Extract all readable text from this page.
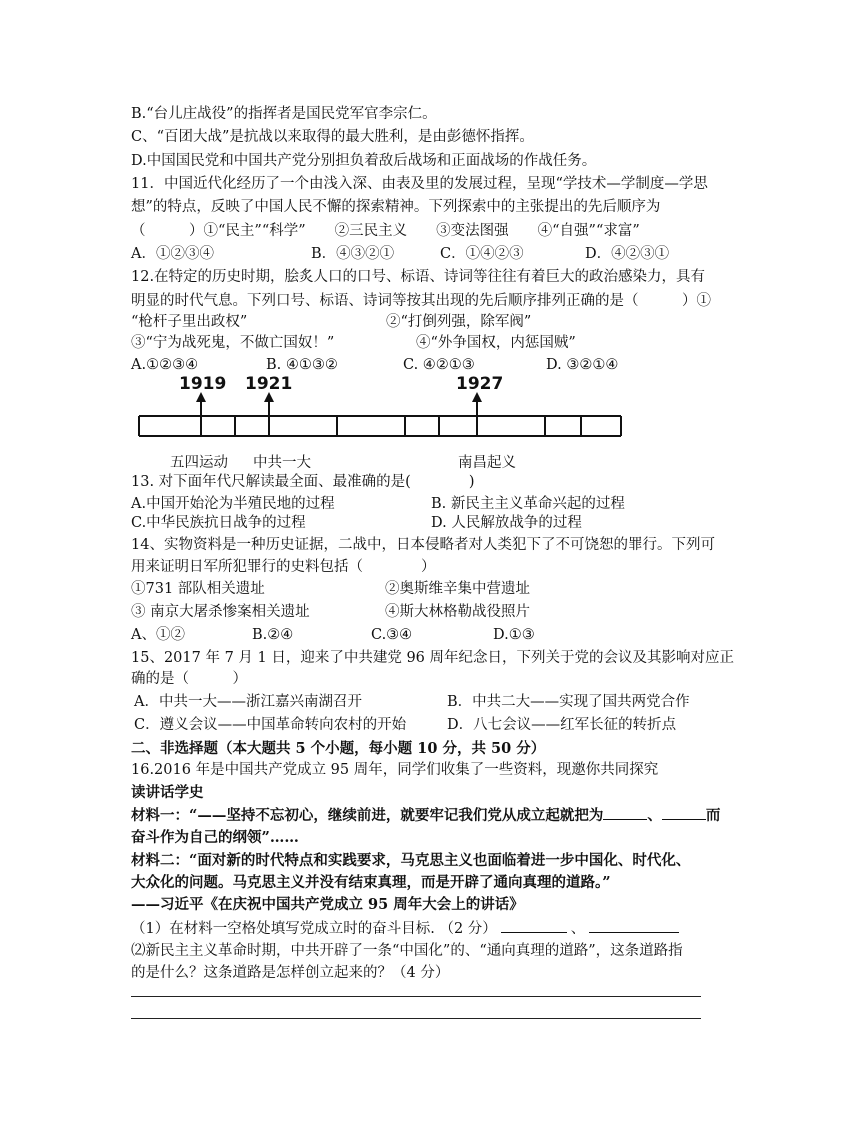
B.“台儿庄战役”的指挥者是国民党军官李宗仁。
C、“百团大战”是抗战以来取得的最大胜利，是由彭德怀指挥。
D.中国国民党和中国共产党分别担负着敌后战场和正面战场的作战任务。
11．中国近代化经历了一个由浅入深、由表及里的发展过程，呈现“学技术—学制度—学思
想”的特点，反映了中国人民不懈的探索精神。下列探索中的主张提出的先后顺序为
（　　　）①“民主”“科学”　　②三民主义　　③变法图强　　④“自强”“求富”
A．①②③④	B．④③②①	C．①④②③	D．④②③①
12.在特定的历史时期，脍炙人口的口号、标语、诗词等往往有着巨大的政治感染力，具有
明显的时代气息。下列口号、标语、诗词等按其出现的先后顺序排列正确的是（　　　）①
“枪杆子里出政权”	②“打倒列强，除军阀”
③“宁为战死鬼，不做亡国奴！”	④“外争国权，内惩国贼”
A.①②③④	B. ④①③②	C. ④②①③	D. ③②①④
1919 1921	1927
五四运动 中共一大	南昌起义
13. 对下面年代尺解读最全面、最准确的是(　　　　)
A.中国开始沦为半殖民地的过程	B. 新民主主义革命兴起的过程
C.中华民族抗日战争的过程	D. 人民解放战争的过程
14、实物资料是一种历史证据，二战中，日本侵略者对人类犯下了不可饶恕的罪行。下列可
用来证明日军所犯罪行的史料包括（　　　　）
①731 部队相关遗址	②奥斯维辛集中营遗址
③ 南京大屠杀惨案相关遗址	④斯大林格勒战役照片
A、①②	B.②④	C.③④	D.①③
15、2017 年 7 月 1 日，迎来了中共建党 96 周年纪念日，下列关于党的会议及其影响对应正
确的是（　　　）
A．中共一大——浙江嘉兴南湖召开	B．中共二大——实现了国共两党合作
C．遵义会议——中国革命转向农村的开始	D．八七会议——红军长征的转折点
二、非选择题（本大题共 5 个小题，每小题 10 分，共 50 分）
16.2016 年是中国共产党成立 95 周年，同学们收集了一些资料，现邀你共同探究
读讲话学史
材料一：“——坚持不忘初心，继续前进，就要牢记我们党从成立起就把为	、	而
奋斗作为自己的纲领”……
材料二：“面对新的时代特点和实践要求，马克思主义也面临着进一步中国化、时代化、
大众化的问题。马克思主义并没有结束真理，而是开辟了通向真理的道路。”
——习近平《在庆祝中国共产党成立 95 周年大会上的讲话》
（1）在材料一空格处填写党成立时的奋斗目标. （2 分）	、
⑵新民主主义革命时期，中共开辟了一条“中国化”的、“通向真理的道路”，这条道路指
的是什么？这条道路是怎样创立起来的？（4 分）
